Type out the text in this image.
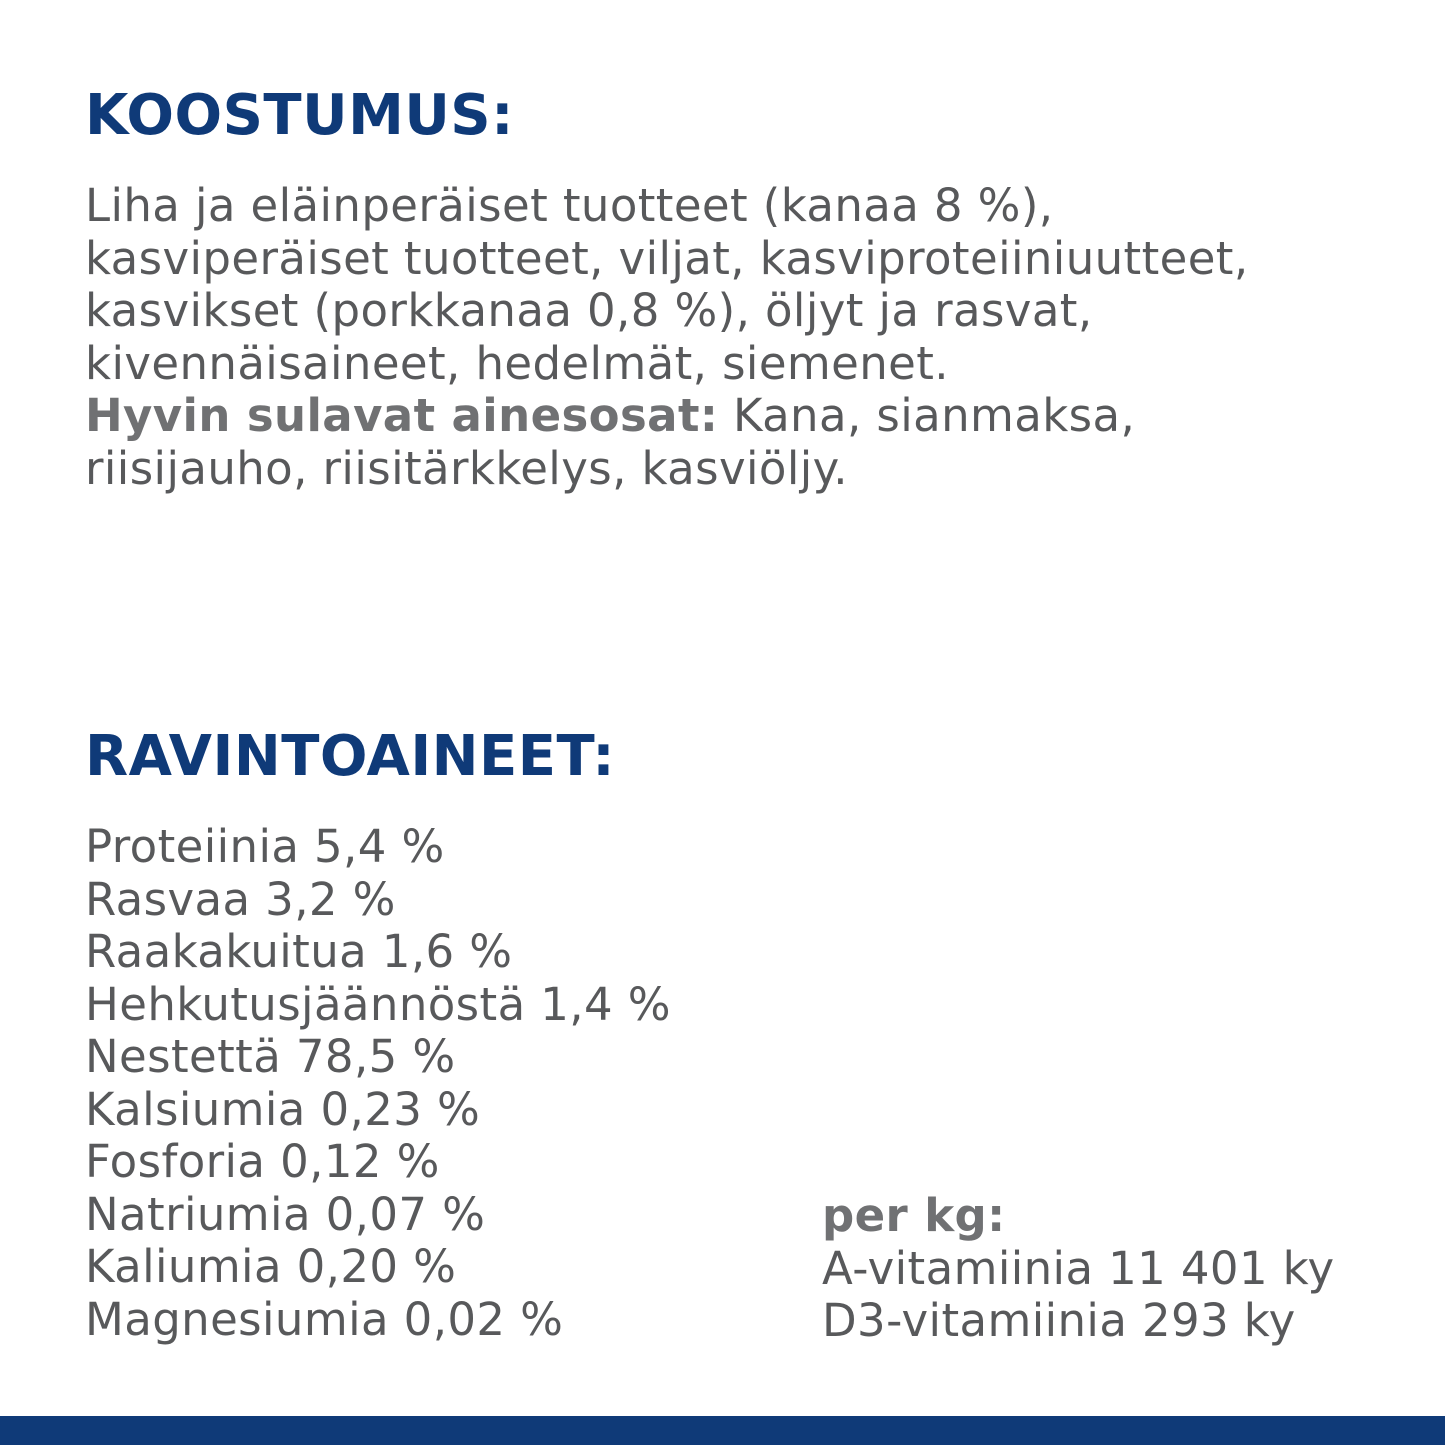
KOOSTUMUS:
Liha ja eläinperäiset tuotteet (kanaa 8 %),
kasviperäiset tuotteet, viljat, kasviproteiiniuutteet,
kasvikset (porkkanaa 0,8 %), öljyt ja rasvat,
kivennäisaineet, hedelmät, siemenet.
Hyvin sulavat ainesosat: Kana, sianmaksa,
riisijauho, riisitärkkelys, kasviöljy.
RAVINTOAINEET:
Proteiinia 5,4 %
Rasvaa 3,2 %
Raakakuitua 1,6 %
Hehkutusjäännöstä 1,4 %
Nestettä 78,5 %
Kalsiumia 0,23 %
Fosforia 0,12 %
Natriumia 0,07 %
Kaliumia 0,20 %
Magnesiumia 0,02 %
per kg:
A-vitamiinia 11 401 ky
D3-vitamiinia 293 ky
